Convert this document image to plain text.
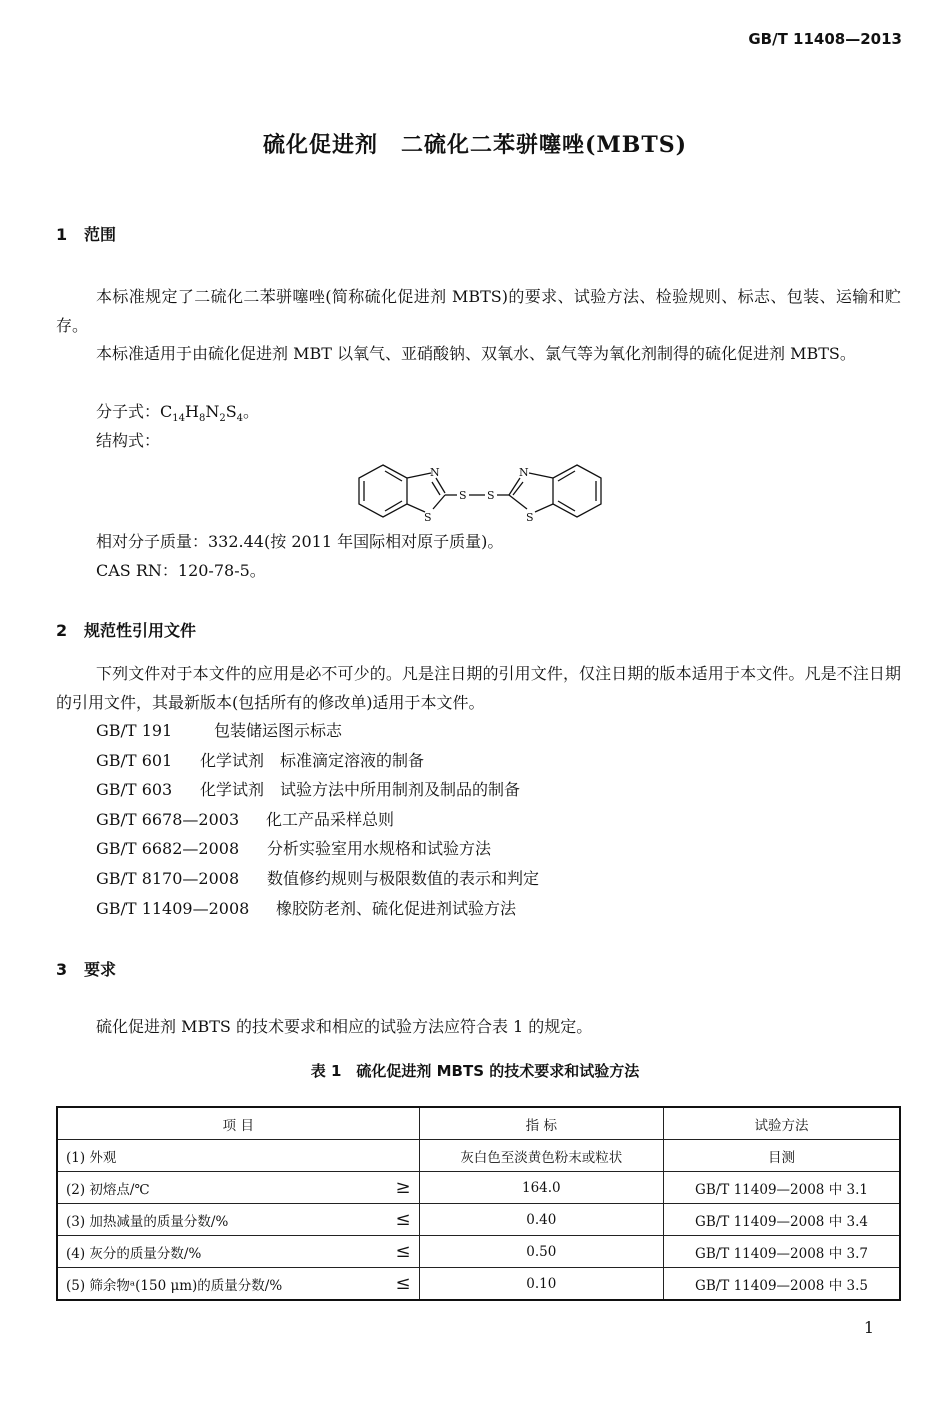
GB/T 11408—2013
硫化促进剂　二硫化二苯骈噻唑(MBTS)
1 范围
本标准规定了二硫化二苯骈噻唑(简称硫化促进剂 MBTS)的要求、试验方法、检验规则、标志、包装、运输和贮存。
本标准适用于由硫化促进剂 MBT 以氧气、亚硝酸钠、双氧水、氯气等为氧化剂制得的硫化促进剂 MBTS。
分子式：$C_{14}H_8N_2S_4$。
结构式：
N
S
S S
N
S
相对分子质量：332.44(按 2011 年国际相对原子质量)。
CAS RN：120-78-5。
2 规范性引用文件
下列文件对于本文件的应用是必不可少的。凡是注日期的引用文件，仅注日期的版本适用于本文件。凡是不注日期的引用文件，其最新版本(包括所有的修改单)适用于本文件。
GB/T 191	包装储运图示标志
GB/T 601 化学试剂　标准滴定溶液的制备
GB/T 603 化学试剂　试验方法中所用制剂及制品的制备
GB/T 6678—2003 化工产品采样总则
GB/T 6682—2008 分析实验室用水规格和试验方法
GB/T 8170—2008 数值修约规则与极限数值的表示和判定
GB/T 11409—2008 橡胶防老剂、硫化促进剂试验方法
3 要求
硫化促进剂 MBTS 的技术要求和相应的试验方法应符合表 1 的规定。
表 1　硫化促进剂 MBTS 的技术要求和试验方法
项 目		指 标	试验方法
(1) 外观		灰白色至淡黄色粉末或粒状	目测
(2) 初熔点/℃	≥	164.0	GB/T 11409—2008 中 3.1
(3) 加热减量的质量分数/%	≤	0.40	GB/T 11409—2008 中 3.4
(4) 灰分的质量分数/%	≤	0.50	GB/T 11409—2008 中 3.7
(5) 筛余物ᵃ(150 μm)的质量分数/%	≤	0.10	GB/T 11409—2008 中 3.5
1
